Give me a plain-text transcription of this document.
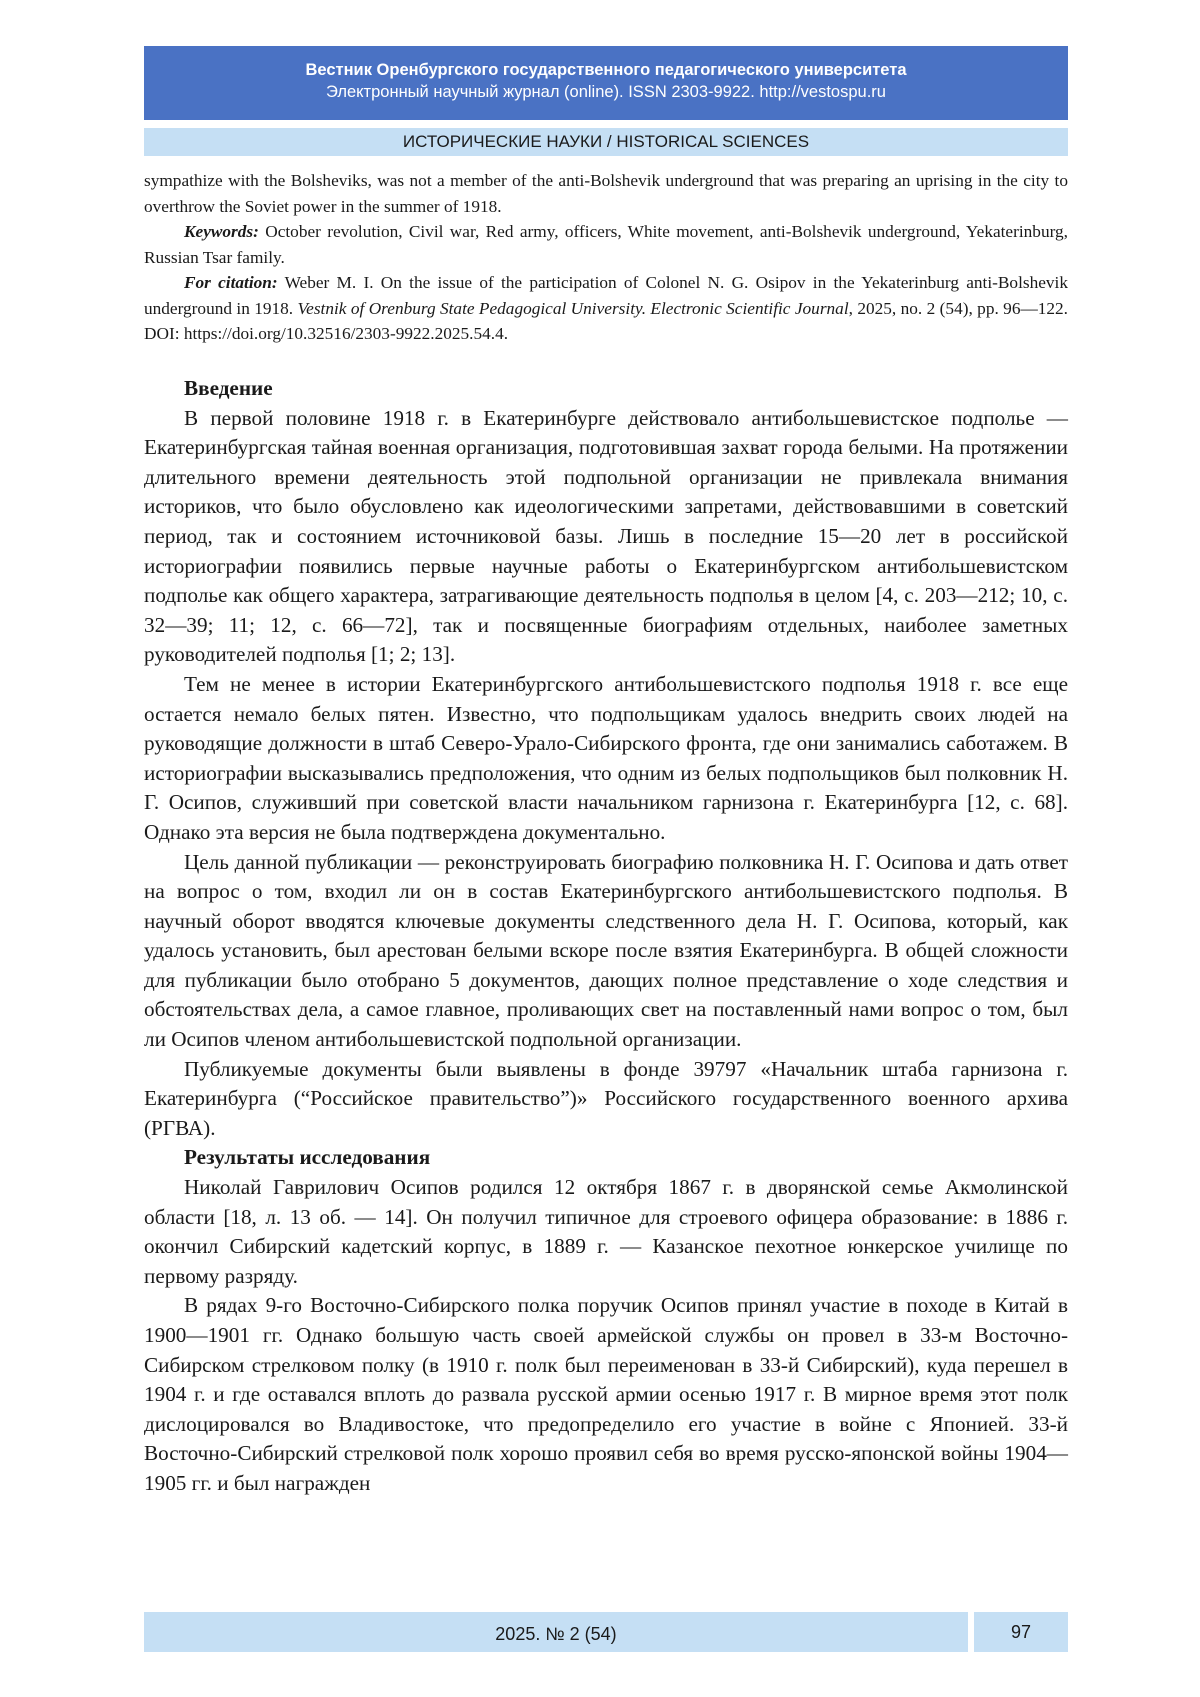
Вестник Оренбургского государственного педагогического университета
Электронный научный журнал (online). ISSN 2303-9922. http://vestospu.ru
ИСТОРИЧЕСКИЕ НАУКИ / HISTORICAL SCIENCES

sympathize with the Bolsheviks, was not a member of the anti-Bolshevik underground that was preparing an uprising in the city to overthrow the Soviet power in the summer of 1918.

Keywords: October revolution, Civil war, Red army, officers, White movement, anti-Bolshevik underground, Yekaterinburg, Russian Tsar family.

For citation: Weber M. I. On the issue of the participation of Colonel N. G. Osipov in the Yekaterinburg anti-Bolshevik underground in 1918. Vestnik of Orenburg State Pedagogical University. Electronic Scientific Journal, 2025, no. 2 (54), pp. 96—122. DOI: https://doi.org/10.32516/2303-9922.2025.54.4.

Введение

В первой половине 1918 г. в Екатеринбурге действовало антибольшевистское подполье — Екатеринбургская тайная военная организация, подготовившая захват города белыми. На протяжении длительного времени деятельность этой подпольной организации не привлекала внимания историков, что было обусловлено как идеологическими запретами, действовавшими в советский период, так и состоянием источниковой базы. Лишь в последние 15—20 лет в российской историографии появились первые научные работы о Екатеринбургском антибольшевистском подполье как общего характера, затрагивающие деятельность подполья в целом [4, с. 203—212; 10, с. 32—39; 11; 12, с. 66—72], так и посвященные биографиям отдельных, наиболее заметных руководителей подполья [1; 2; 13].

Тем не менее в истории Екатеринбургского антибольшевистского подполья 1918 г. все еще остается немало белых пятен. Известно, что подпольщикам удалось внедрить своих людей на руководящие должности в штаб Северо-Урало-Сибирского фронта, где они занимались саботажем. В историографии высказывались предположения, что одним из белых подпольщиков был полковник Н. Г. Осипов, служивший при советской власти начальником гарнизона г. Екатеринбурга [12, с. 68]. Однако эта версия не была подтверждена документально.

Цель данной публикации — реконструировать биографию полковника Н. Г. Осипова и дать ответ на вопрос о том, входил ли он в состав Екатеринбургского антибольшевистского подполья. В научный оборот вводятся ключевые документы следственного дела Н. Г. Осипова, который, как удалось установить, был арестован белыми вскоре после взятия Екатеринбурга. В общей сложности для публикации было отобрано 5 документов, дающих полное представление о ходе следствия и обстоятельствах дела, а самое главное, проливающих свет на поставленный нами вопрос о том, был ли Осипов членом антибольшевистской подпольной организации.

Публикуемые документы были выявлены в фонде 39797 «Начальник штаба гарнизона г. Екатеринбурга (“Российское правительство”)» Российского государственного военного архива (РГВА).

Результаты исследования

Николай Гаврилович Осипов родился 12 октября 1867 г. в дворянской семье Акмолинской области [18, л. 13 об. — 14]. Он получил типичное для строевого офицера образование: в 1886 г. окончил Сибирский кадетский корпус, в 1889 г. — Казанское пехотное юнкерское училище по первому разряду.

В рядах 9-го Восточно-Сибирского полка поручик Осипов принял участие в походе в Китай в 1900—1901 гг. Однако большую часть своей армейской службы он провел в 33-м Восточно-Сибирском стрелковом полку (в 1910 г. полк был переименован в 33-й Сибирский), куда перешел в 1904 г. и где оставался вплоть до развала русской армии осенью 1917 г. В мирное время этот полк дислоцировался во Владивостоке, что предопределило его участие в войне с Японией. 33-й Восточно-Сибирский стрелковой полк хорошо проявил себя во время русско-японской войны 1904—1905 гг. и был награжден

2025. № 2 (54)	97
